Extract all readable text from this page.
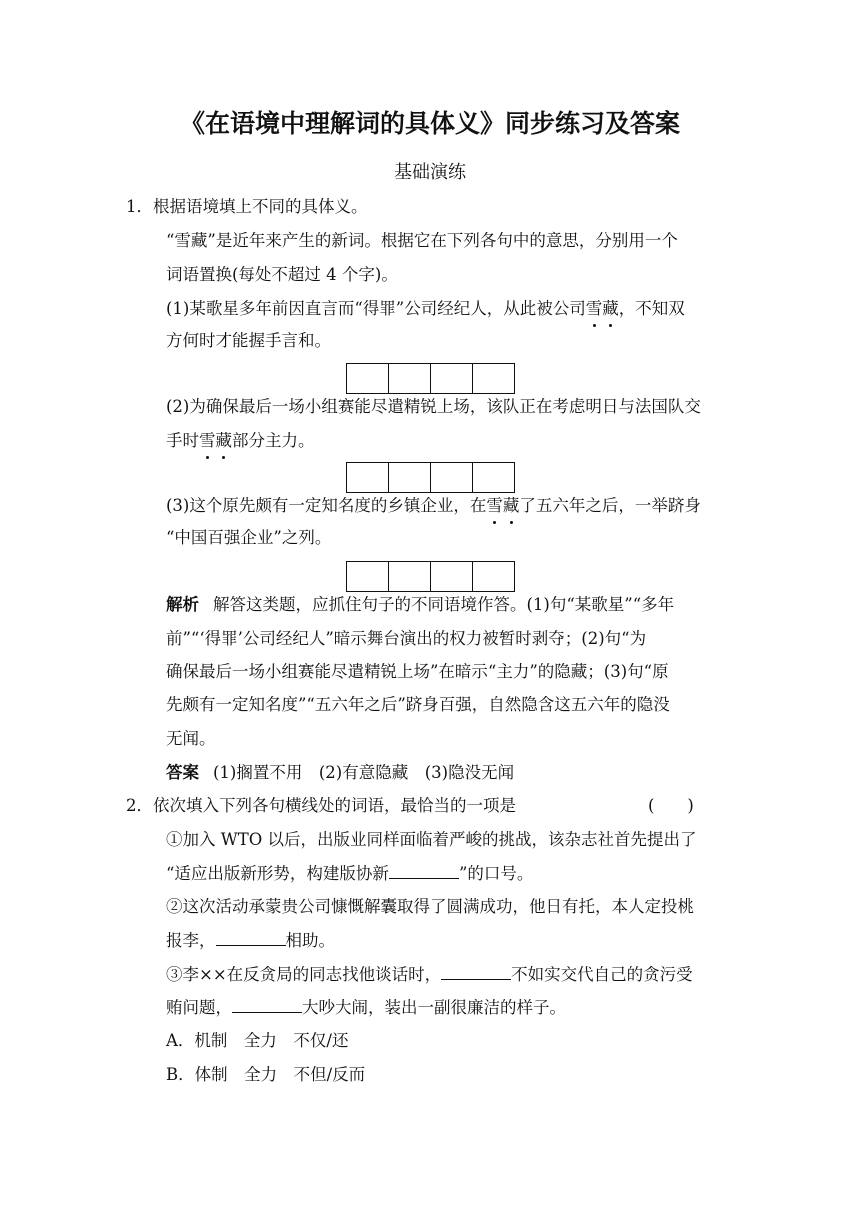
《在语境中理解词的具体义》同步练习及答案
基础演练
1．根据语境填上不同的具体义。
“雪藏”是近年来产生的新词。根据它在下列各句中的意思，分别用一个
词语置换(每处不超过 4 个字)。
(1)某歌星多年前因直言而“得罪”公司经纪人，从此被公司雪藏，不知双
方何时才能握手言和。
(2)为确保最后一场小组赛能尽遣精锐上场，该队正在考虑明日与法国队交
手时雪藏部分主力。
(3)这个原先颇有一定知名度的乡镇企业，在雪藏了五六年之后，一举跻身
“中国百强企业”之列。
解析 解答这类题，应抓住句子的不同语境作答。(1)句“某歌星”“多年
前”“‘得罪’公司经纪人”暗示舞台演出的权力被暂时剥夺；(2)句“为
确保最后一场小组赛能尽遣精锐上场”在暗示“主力”的隐藏；(3)句“原
先颇有一定知名度”“五六年之后”跻身百强，自然隐含这五六年的隐没
无闻。
答案 (1)搁置不用　(2)有意隐藏　(3)隐没无闻
2．依次填入下列各句横线处的词语，最恰当的一项是	(　　)
①加入 WTO 以后，出版业同样面临着严峻的挑战，该杂志社首先提出了
“适应出版新形势，构建版协新	”的口号。
②这次活动承蒙贵公司慷慨解囊取得了圆满成功，他日有托，本人定投桃
报李，	相助。
③李××在反贪局的同志找他谈话时，	不如实交代自己的贪污受
贿问题，	大吵大闹，装出一副很廉洁的样子。
A．机制　全力　不仅/还
B．体制　全力　不但/反而
